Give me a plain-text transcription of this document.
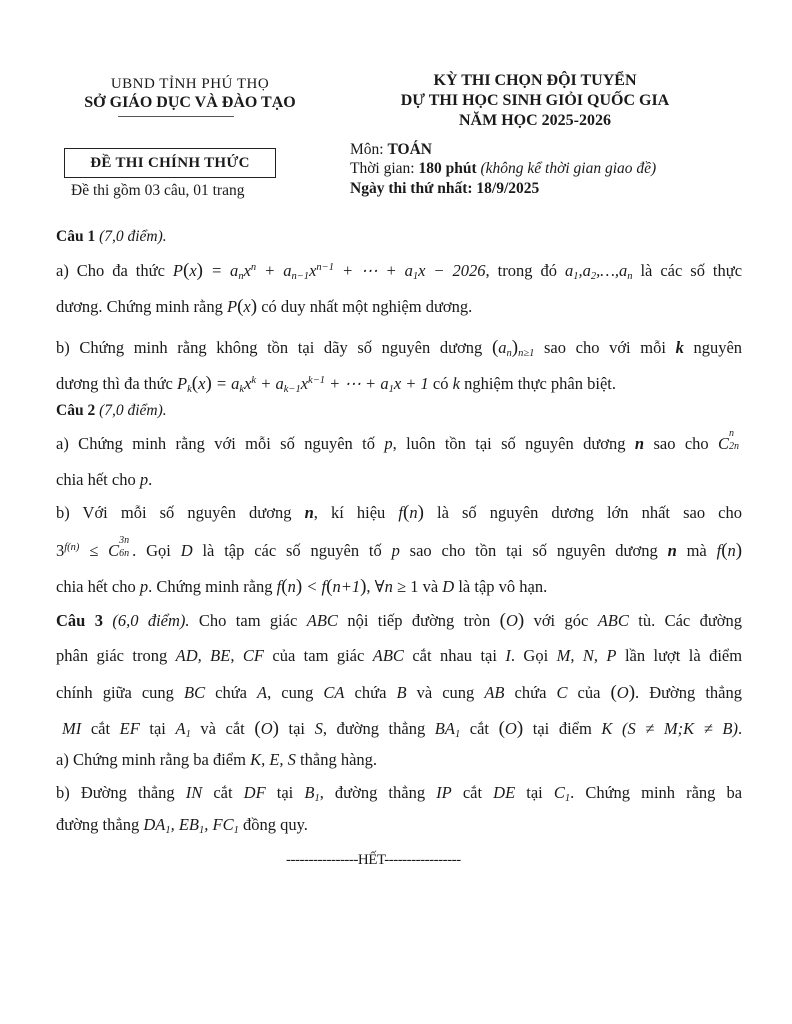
UBND TỈNH PHÚ THỌ
SỞ GIÁO DỤC VÀ ĐÀO TẠO
ĐỀ THI CHÍNH THỨC
Đề thi gồm 03 câu, 01 trang
KỲ THI CHỌN ĐỘI TUYỂN
DỰ THI HỌC SINH GIỎI QUỐC GIA
NĂM HỌC 2025-2026
Môn: TOÁN
Thời gian: 180 phút (không kể thời gian giao đề)
Ngày thi thứ nhất: 18/9/2025
Câu 1 (7,0 điểm).
a) Cho đa thức $P(x) = a_nx^n + a_{n-1}x^{n-1}$ + ⋯ + $a_1x - 2026$, trong đó $a_1,a_2,\dots,a_n$ là các số thực
dương. Chứng minh rằng P(x) có duy nhất một nghiệm dương.
b) Chứng minh rằng không tồn tại dãy số nguyên dương $(a_n)_{n\ge 1}$ sao cho với mỗi k nguyên
dương thì đa thức $P_k(x) = a_kx^k + a_{k-1}x^{k-1}$ + ⋯ + $a_1x + 1$ có k nghiệm thực phân biệt.
Câu 2 (7,0 điểm).
a) Chứng minh rằng với mỗi số nguyên tố p, luôn tồn tại số nguyên dương n sao cho C
n
2n
chia hết cho p.
b) Với mỗi số nguyên dương n, kí hiệu f(n) là số nguyên dương lớn nhất sao cho
$3^{f(n)} \le C$
3n
6n . Gọi D là tập các số nguyên tố p sao cho tồn tại số nguyên dương n mà f(n)
chia hết cho p. Chứng minh rằng f(n) < f(n+1), ∀n ≥ 1 và D là tập vô hạn.
Câu 3 (6,0 điểm). Cho tam giác ABC nội tiếp đường tròn (O) với góc ABC tù. Các đường
phân giác trong AD, BE, CF của tam giác ABC cắt nhau tại I. Gọi M, N, P lần lượt là điểm
chính giữa cung BC chứa A, cung CA chứa B và cung AB chứa C của (O). Đường thẳng
MI cắt EF tại $A_1$ và cắt (O) tại S, đường thẳng $BA_1$ cắt (O) tại điểm K (S ≠ M;K ≠ B).
a) Chứng minh rằng ba điểm K, E, S thẳng hàng.
b) Đường thẳng IN cắt DF tại $B_1$, đường thẳng IP cắt DE tại $C_1$. Chứng minh rằng ba
đường thẳng $DA_1$, $EB_1$, $FC_1$ đồng quy.
----------------HẾT-----------------
